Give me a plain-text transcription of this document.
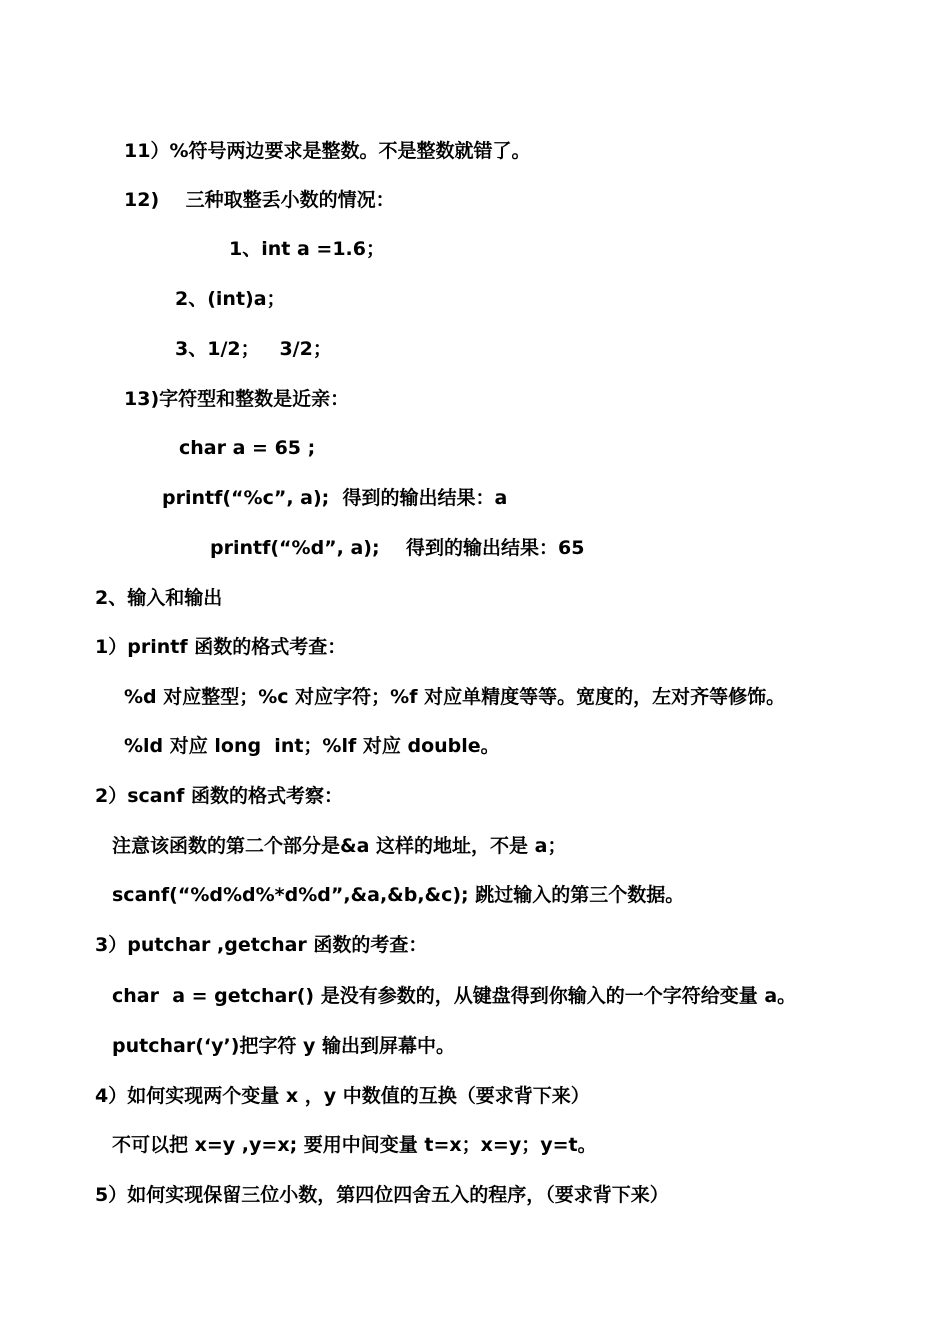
11）%符号两边要求是整数。不是整数就错了。
12)    三种取整丢小数的情况：
1、int a =1.6；
2、(int)a；
3、1/2；   3/2；
13)字符型和整数是近亲：
char a = 65 ;
printf(“%c”, a);  得到的输出结果：a
printf(“%d”, a);    得到的输出结果：65
2、输入和输出
1）printf 函数的格式考查：
%d 对应整型；%c 对应字符；%f 对应单精度等等。宽度的，左对齐等修饰。
%ld 对应 long  int；%lf 对应 double。
2）scanf 函数的格式考察：
注意该函数的第二个部分是&a 这样的地址，不是 a；
scanf(“%d%d%*d%d”,&a,&b,&c); 跳过输入的第三个数据。
3）putchar ,getchar 函数的考查：
char  a = getchar() 是没有参数的，从键盘得到你输入的一个字符给变量 a。
putchar(‘y’)把字符 y 输出到屏幕中。
4）如何实现两个变量 x ，y 中数值的互换（要求背下来）
不可以把 x=y ,y=x; 要用中间变量 t=x；x=y；y=t。
5）如何实现保留三位小数，第四位四舍五入的程序，（要求背下来）
